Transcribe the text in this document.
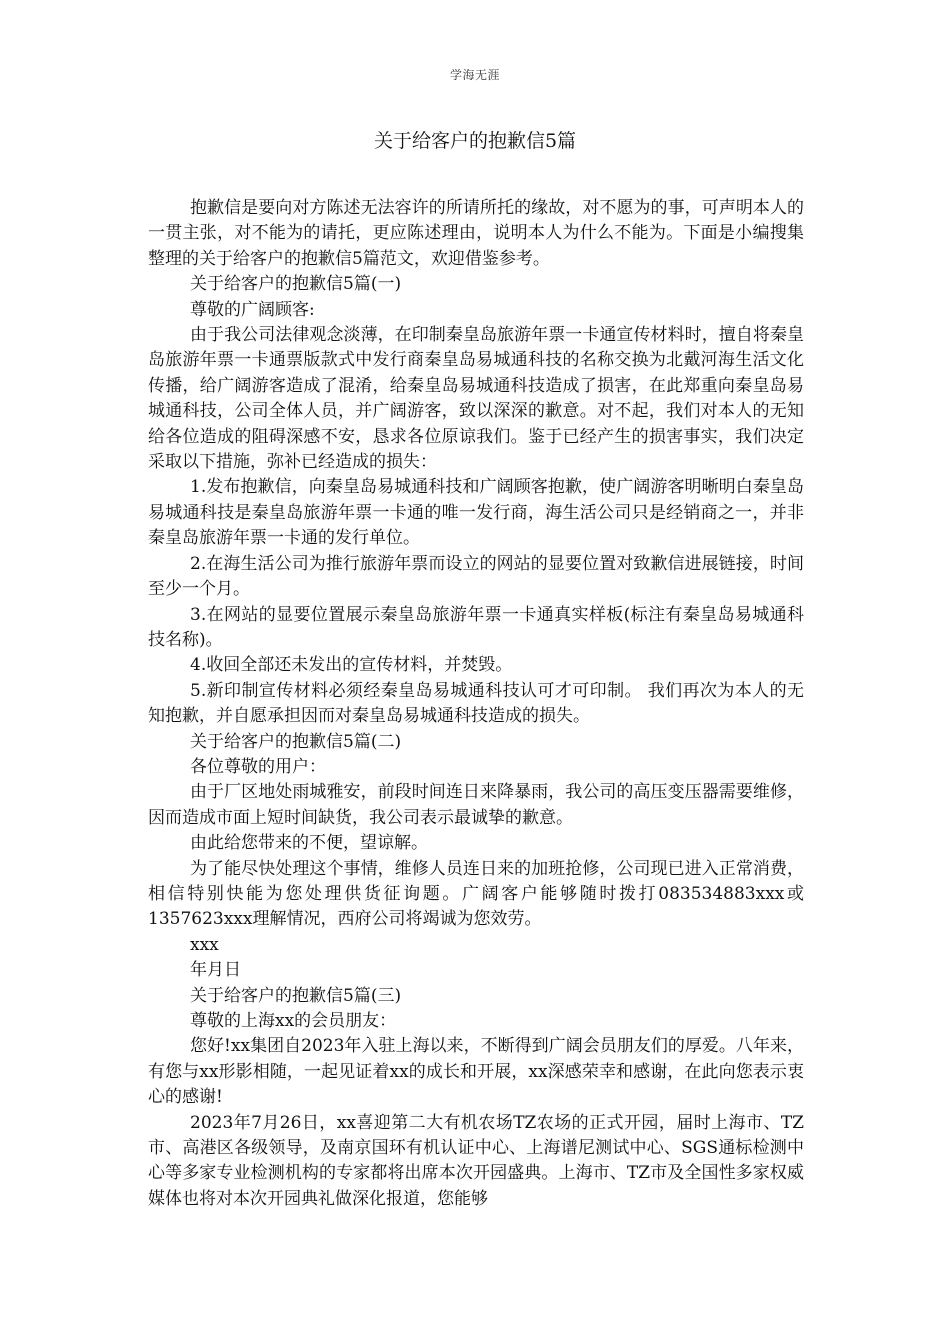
学海无涯
关于给客户的抱歉信5篇

抱歉信是要向对方陈述无法容许的所请所托的缘故，对不愿为的事，可声明本人的一贯主张，对不能为的请托，更应陈述理由，说明本人为什么不能为。下面是小编搜集整理的关于给客户的抱歉信5篇范文，欢迎借鉴参考。

关于给客户的抱歉信5篇(一)

尊敬的广阔顾客:

由于我公司法律观念淡薄，在印制秦皇岛旅游年票一卡通宣传材料时，擅自将秦皇岛旅游年票一卡通票版款式中发行商秦皇岛易城通科技的名称交换为北戴河海生活文化传播，给广阔游客造成了混淆，给秦皇岛易城通科技造成了损害，在此郑重向秦皇岛易城通科技，公司全体人员，并广阔游客，致以深深的歉意。对不起，我们对本人的无知给各位造成的阻碍深感不安，恳求各位原谅我们。鉴于已经产生的损害事实，我们决定采取以下措施，弥补已经造成的损失：

1.发布抱歉信，向秦皇岛易城通科技和广阔顾客抱歉，使广阔游客明晰明白秦皇岛易城通科技是秦皇岛旅游年票一卡通的唯一发行商，海生活公司只是经销商之一，并非秦皇岛旅游年票一卡通的发行单位。

2.在海生活公司为推行旅游年票而设立的网站的显要位置对致歉信进展链接，时间至少一个月。

3.在网站的显要位置展示秦皇岛旅游年票一卡通真实样板(标注有秦皇岛易城通科技名称)。

4.收回全部还未发出的宣传材料，并焚毁。

5.新印制宣传材料必须经秦皇岛易城通科技认可才可印制。 我们再次为本人的无知抱歉，并自愿承担因而对秦皇岛易城通科技造成的损失。

关于给客户的抱歉信5篇(二)

各位尊敬的用户：

由于厂区地处雨城雅安，前段时间连日来降暴雨，我公司的高压变压器需要维修，因而造成市面上短时间缺货，我公司表示最诚挚的歉意。

由此给您带来的不便，望谅解。

为了能尽快处理这个事情，维修人员连日来的加班抢修，公司现已进入正常消费，相信特别快能为您处理供货征询题。广阔客户能够随时拨打083534883xxx或1357623xxx理解情况，西府公司将竭诚为您效劳。

xxx

年月日

关于给客户的抱歉信5篇(三)

尊敬的上海xx的会员朋友：

您好!xx集团自2023年入驻上海以来，不断得到广阔会员朋友们的厚爱。八年来，有您与xx形影相随，一起见证着xx的成长和开展，xx深感荣幸和感谢，在此向您表示衷心的感谢!

2023年7月26日，xx喜迎第二大有机农场TZ农场的正式开园，届时上海市、TZ市、高港区各级领导，及南京国环有机认证中心、上海谱尼测试中心、SGS通标检测中心等多家专业检测机构的专家都将出席本次开园盛典。上海市、TZ市及全国性多家权威媒体也将对本次开园典礼做深化报道，您能够
